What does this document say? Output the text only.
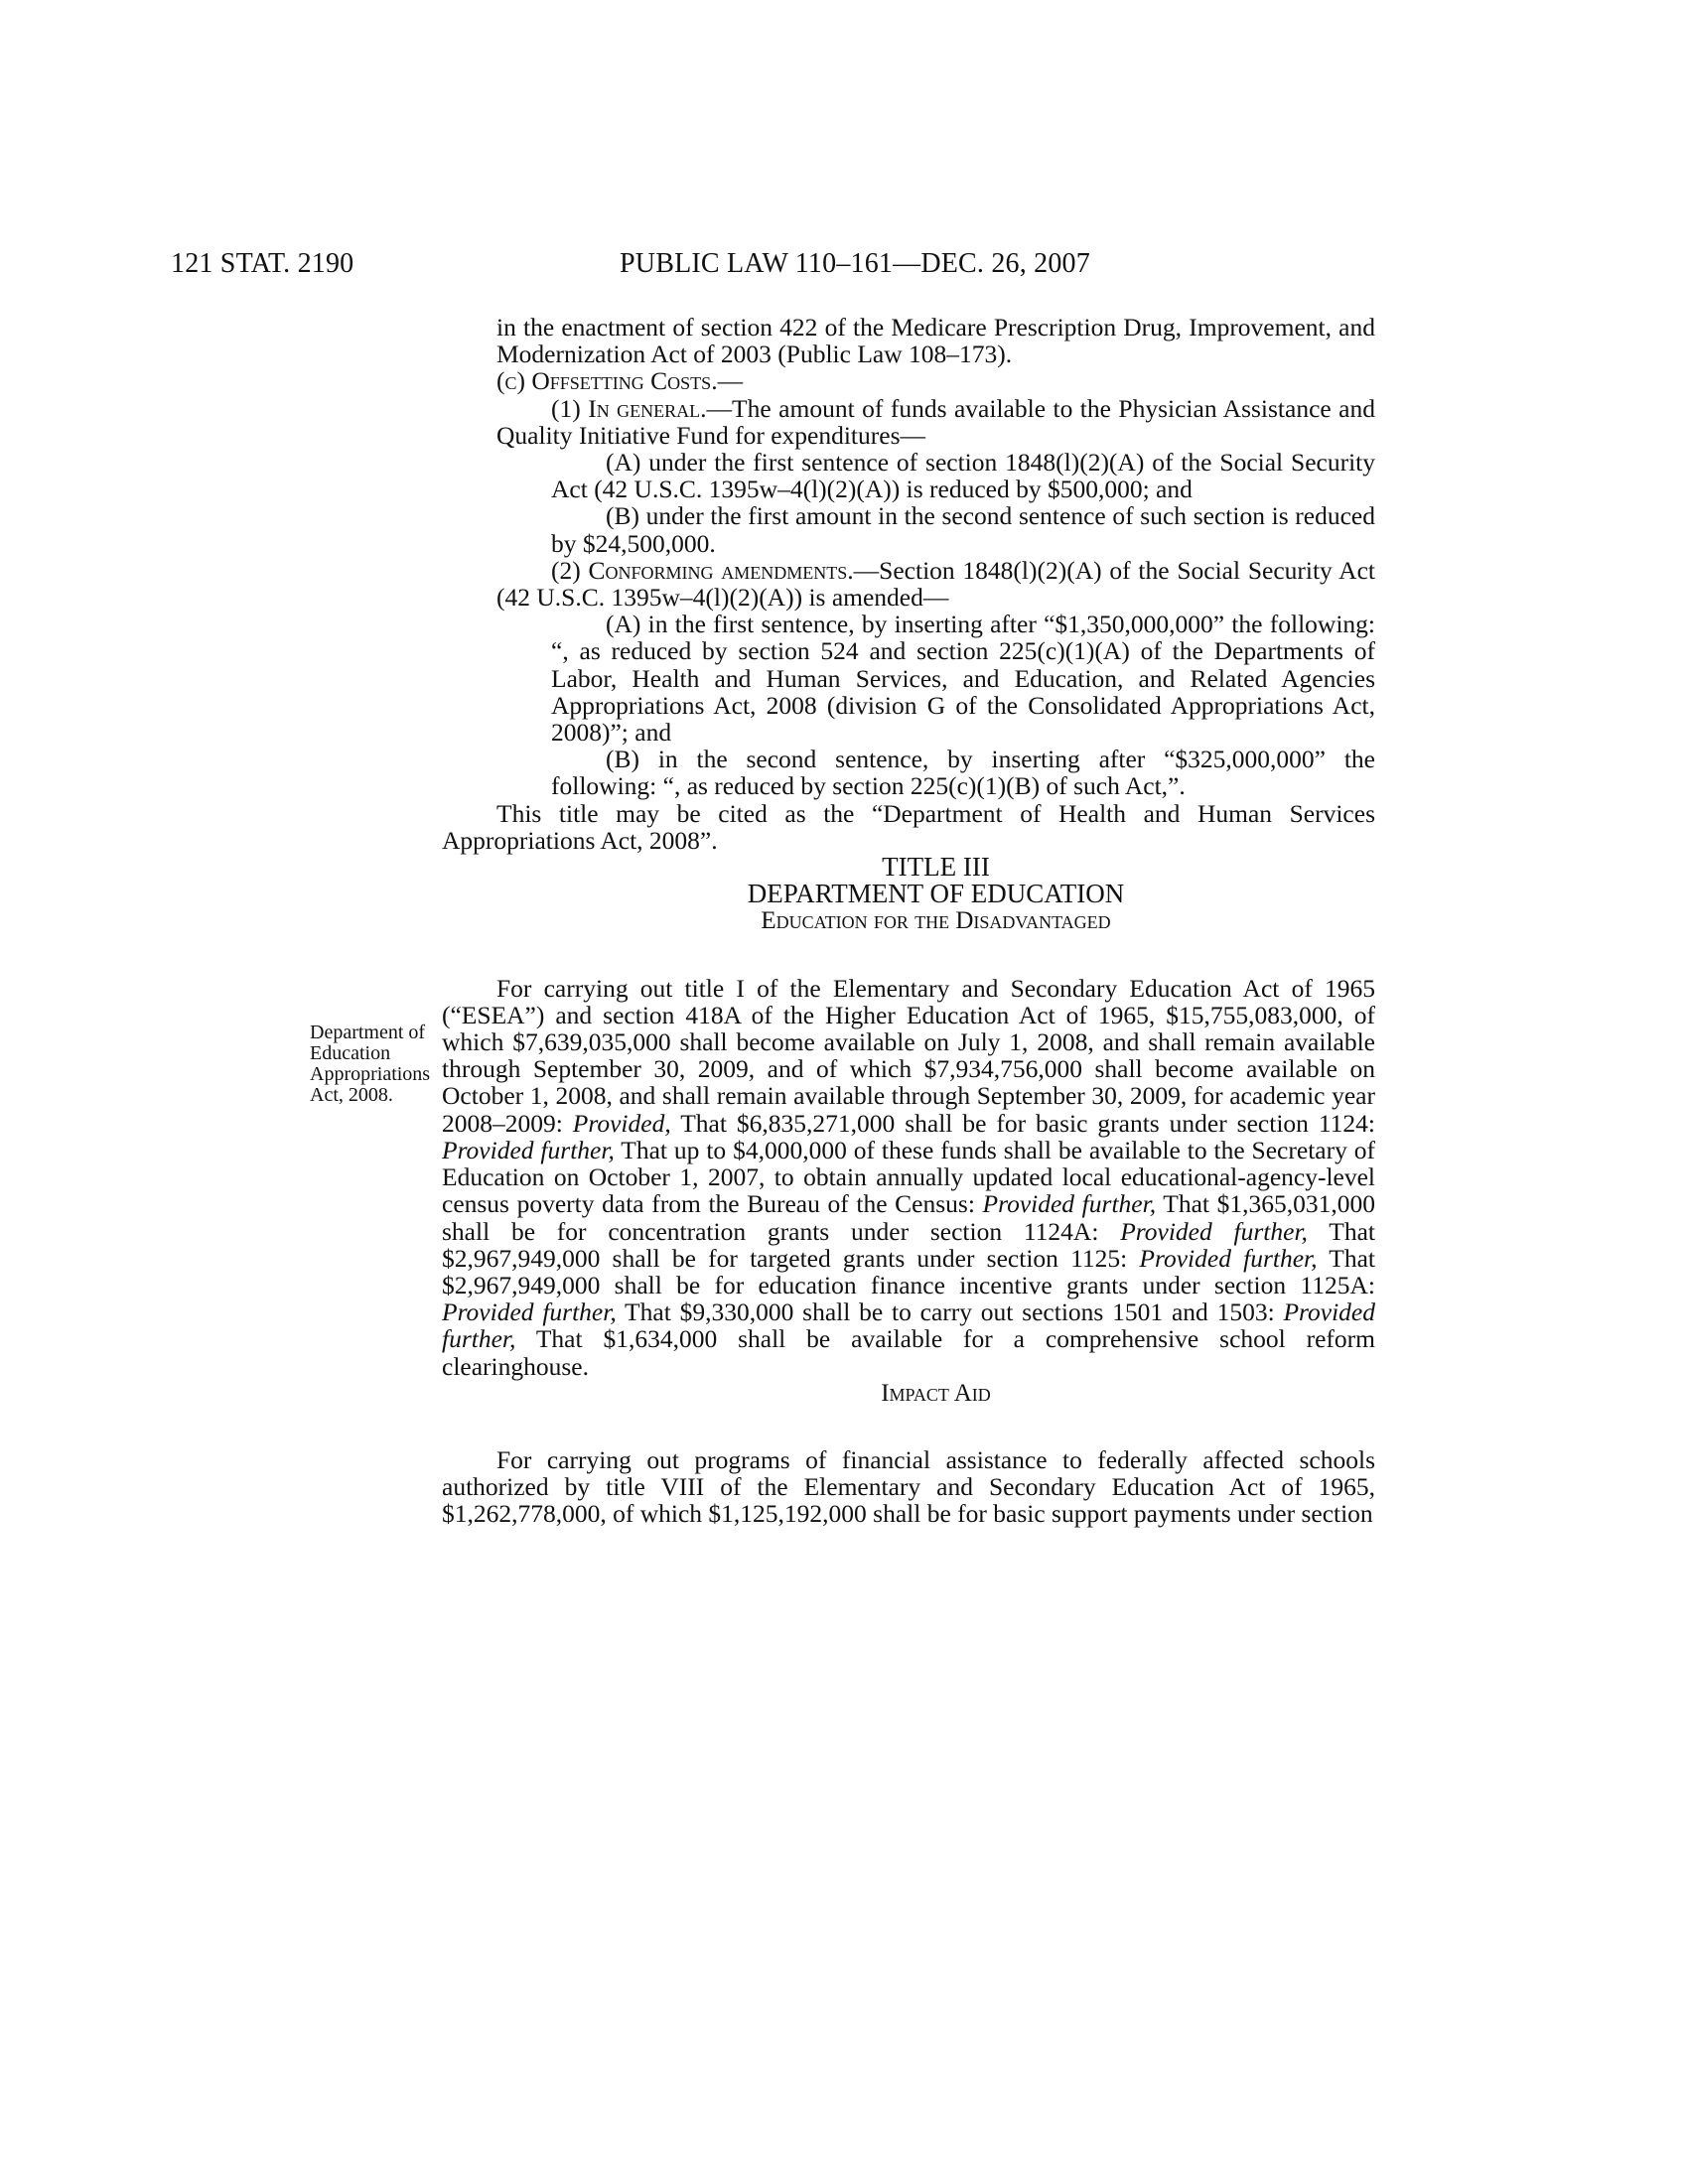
121 STAT. 2190	PUBLIC LAW 110–161—DEC. 26, 2007
Department of
Education
Appropriations
Act, 2008.

in the enactment of section 422 of the Medicare Prescription Drug, Improvement, and Modernization Act of 2003 (Public Law 108–173).

(c) Offsetting Costs.—

(1) In general.—The amount of funds available to the Physician Assistance and Quality Initiative Fund for expenditures—

(A) under the first sentence of section 1848(l)(2)(A) of the Social Security Act (42 U.S.C. 1395w–4(l)(2)(A)) is reduced by $500,000; and

(B) under the first amount in the second sentence of such section is reduced by $24,500,000.

(2) Conforming amendments.—Section 1848(l)(2)(A) of the Social Security Act (42 U.S.C. 1395w–4(l)(2)(A)) is amended—

(A) in the first sentence, by inserting after “$1,350,000,000” the following: “, as reduced by section 524 and section 225(c)(1)(A) of the Departments of Labor, Health and Human Services, and Education, and Related Agencies Appropriations Act, 2008 (division G of the Consolidated Appropriations Act, 2008)”; and

(B) in the second sentence, by inserting after “$325,000,000” the following: “, as reduced by section 225(c)(1)(B) of such Act,”.

This title may be cited as the “Department of Health and Human Services Appropriations Act, 2008”.

TITLE III

DEPARTMENT OF EDUCATION

Education for the Disadvantaged

For carrying out title I of the Elementary and Secondary Education Act of 1965 (“ESEA”) and section 418A of the Higher Education Act of 1965, $15,755,083,000, of which $7,639,035,000 shall become available on July 1, 2008, and shall remain available through September 30, 2009, and of which $7,934,756,000 shall become available on October 1, 2008, and shall remain available through September 30, 2009, for academic year 2008–2009: Provided, That $6,835,271,000 shall be for basic grants under section 1124: Provided further, That up to $4,000,000 of these funds shall be available to the Secretary of Education on October 1, 2007, to obtain annually updated local educational-agency-level census poverty data from the Bureau of the Census: Provided further, That $1,365,031,000 shall be for concentration grants under section 1124A: Provided further, That $2,967,949,000 shall be for targeted grants under section 1125: Provided further, That $2,967,949,000 shall be for education finance incentive grants under section 1125A: Provided further, That $9,330,000 shall be to carry out sections 1501 and 1503: Provided further, That $1,634,000 shall be available for a comprehensive school reform clearinghouse.

Impact Aid

For carrying out programs of financial assistance to federally affected schools authorized by title VIII of the Elementary and Secondary Education Act of 1965, $1,262,778,000, of which $1,125,192,000 shall be for basic support payments under section
